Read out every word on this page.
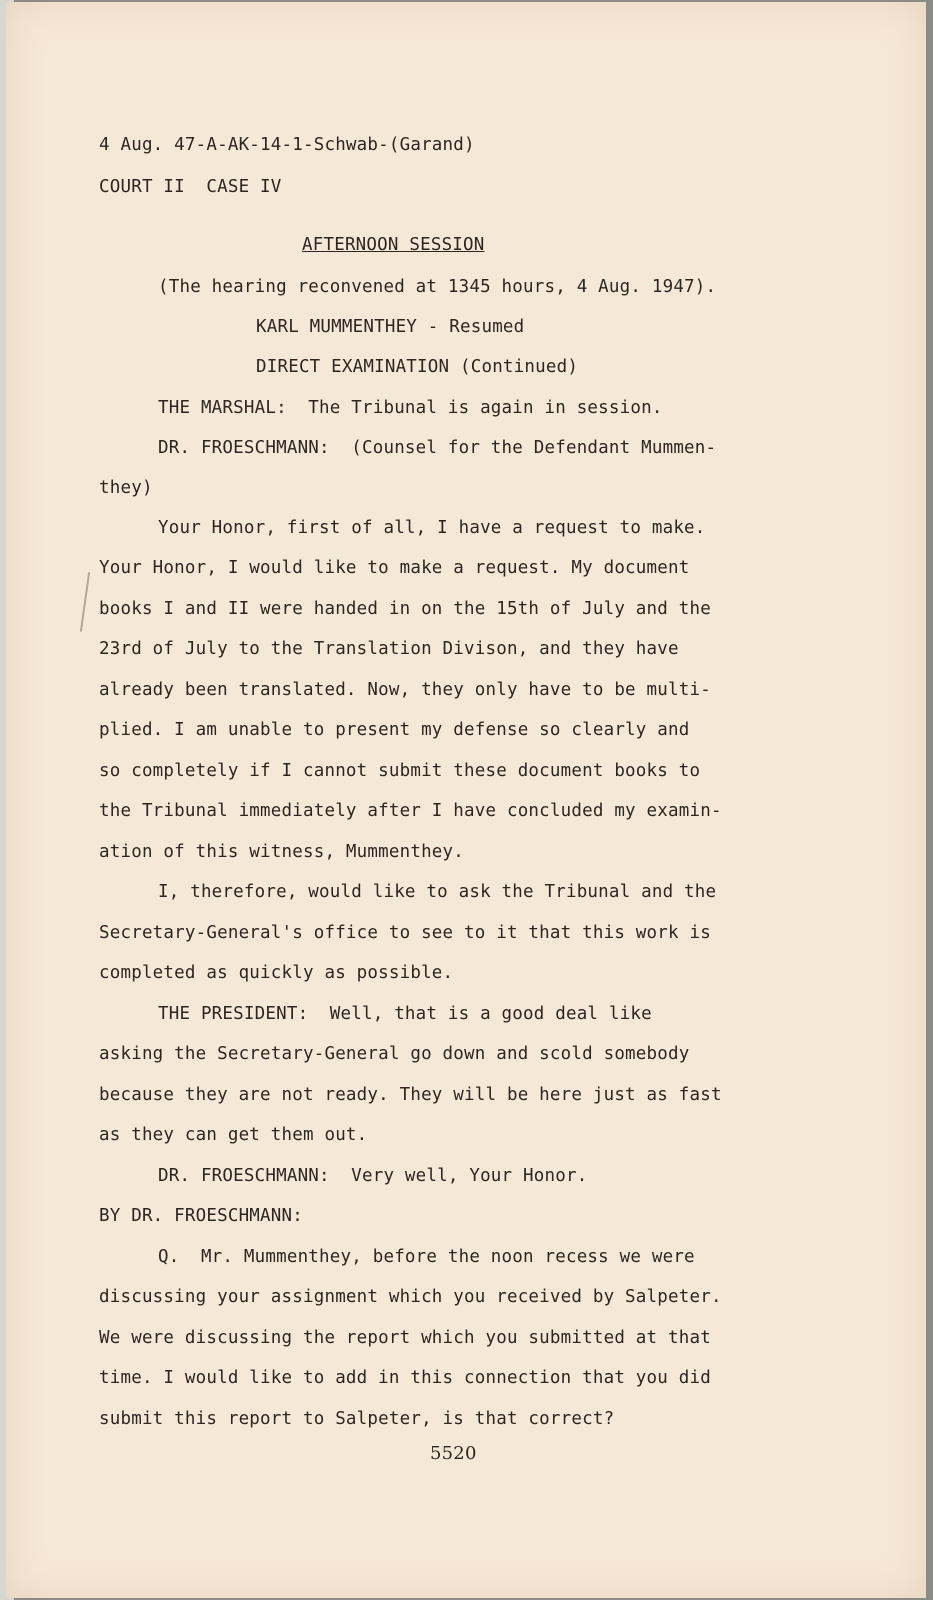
4 Aug. 47-A-AK-14-1-Schwab-(Garand)

COURT II  CASE IV

AFTERNOON SESSION

(The hearing reconvened at 1345 hours, 4 Aug. 1947).

KARL MUMMENTHEY - Resumed

DIRECT EXAMINATION (Continued)

THE MARSHAL:  The Tribunal is again in session.

DR. FROESCHMANN:  (Counsel for the Defendant Mummen-

they)

Your Honor, first of all, I have a request to make.

Your Honor, I would like to make a request. My document

books I and II were handed in on the 15th of July and the

23rd of July to the Translation Divison, and they have

already been translated. Now, they only have to be multi-

plied. I am unable to present my defense so clearly and

so completely if I cannot submit these document books to

the Tribunal immediately after I have concluded my examin-

ation of this witness, Mummenthey.

I, therefore, would like to ask the Tribunal and the

Secretary-General's office to see to it that this work is

completed as quickly as possible.

THE PRESIDENT:  Well, that is a good deal like

asking the Secretary-General go down and scold somebody

because they are not ready. They will be here just as fast

as they can get them out.

DR. FROESCHMANN:  Very well, Your Honor.

BY DR. FROESCHMANN:

Q.  Mr. Mummenthey, before the noon recess we were

discussing your assignment which you received by Salpeter.

We were discussing the report which you submitted at that

time. I would like to add in this connection that you did

submit this report to Salpeter, is that correct?

5520
